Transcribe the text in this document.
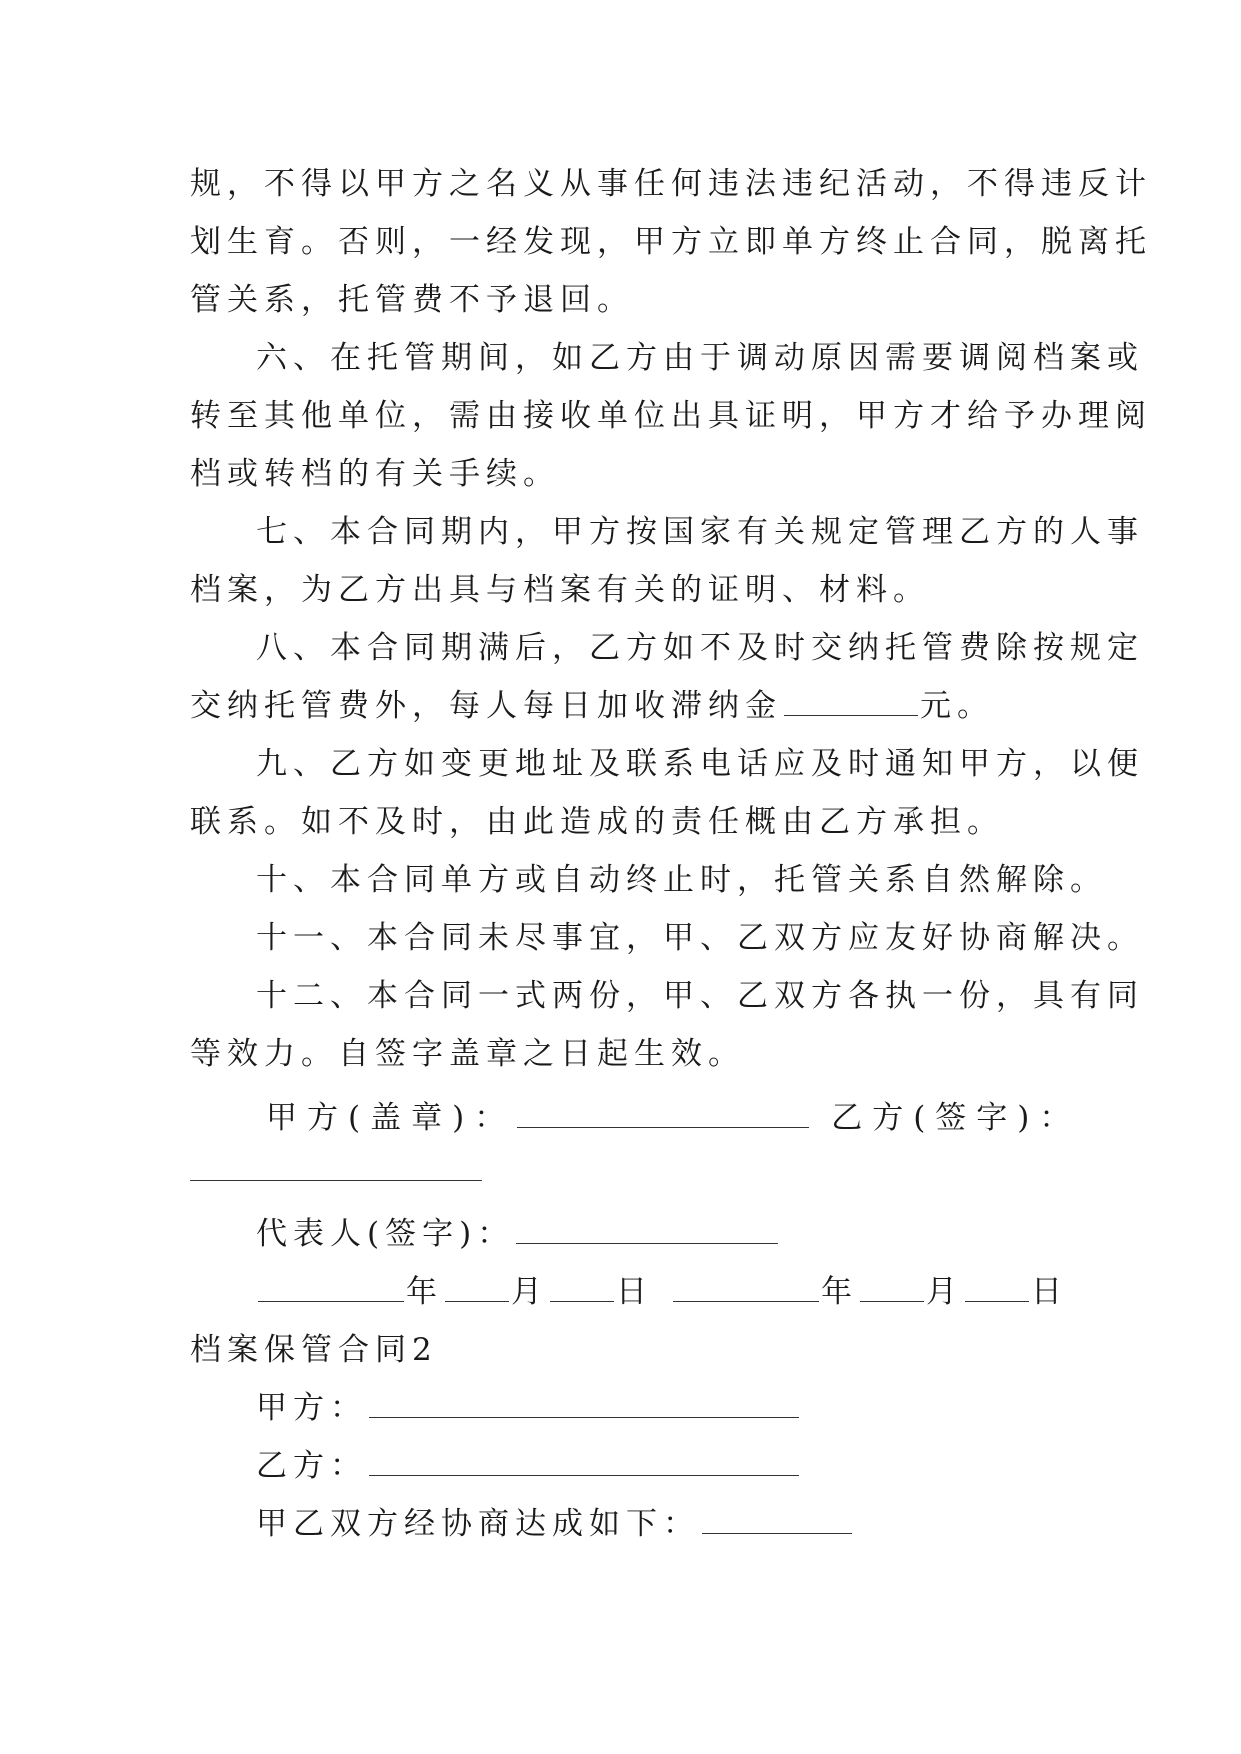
规，不得以甲方之名义从事任何违法违纪活动，不得违反计
划生育。否则，一经发现，甲方立即单方终止合同，脱离托
管关系，托管费不予退回。
六、在托管期间，如乙方由于调动原因需要调阅档案或
转至其他单位，需由接收单位出具证明，甲方才给予办理阅
档或转档的有关手续。
七、本合同期内，甲方按国家有关规定管理乙方的人事
档案，为乙方出具与档案有关的证明、材料。
八、本合同期满后，乙方如不及时交纳托管费除按规定
交纳托管费外，每人每日加收滞纳金	元。
九、乙方如变更地址及联系电话应及时通知甲方，以便
联系。如不及时，由此造成的责任概由乙方承担。
十、本合同单方或自动终止时，托管关系自然解除。
十一、本合同未尽事宜，甲、乙双方应友好协商解决。
十二、本合同一式两份，甲、乙双方各执一份，具有同
等效力。自签字盖章之日起生效。
甲方(盖章)：	乙方(签字)：
代表人(签字)：
年 月 日	年 月 日
档案保管合同2
甲方：
乙方：
甲乙双方经协商达成如下：
